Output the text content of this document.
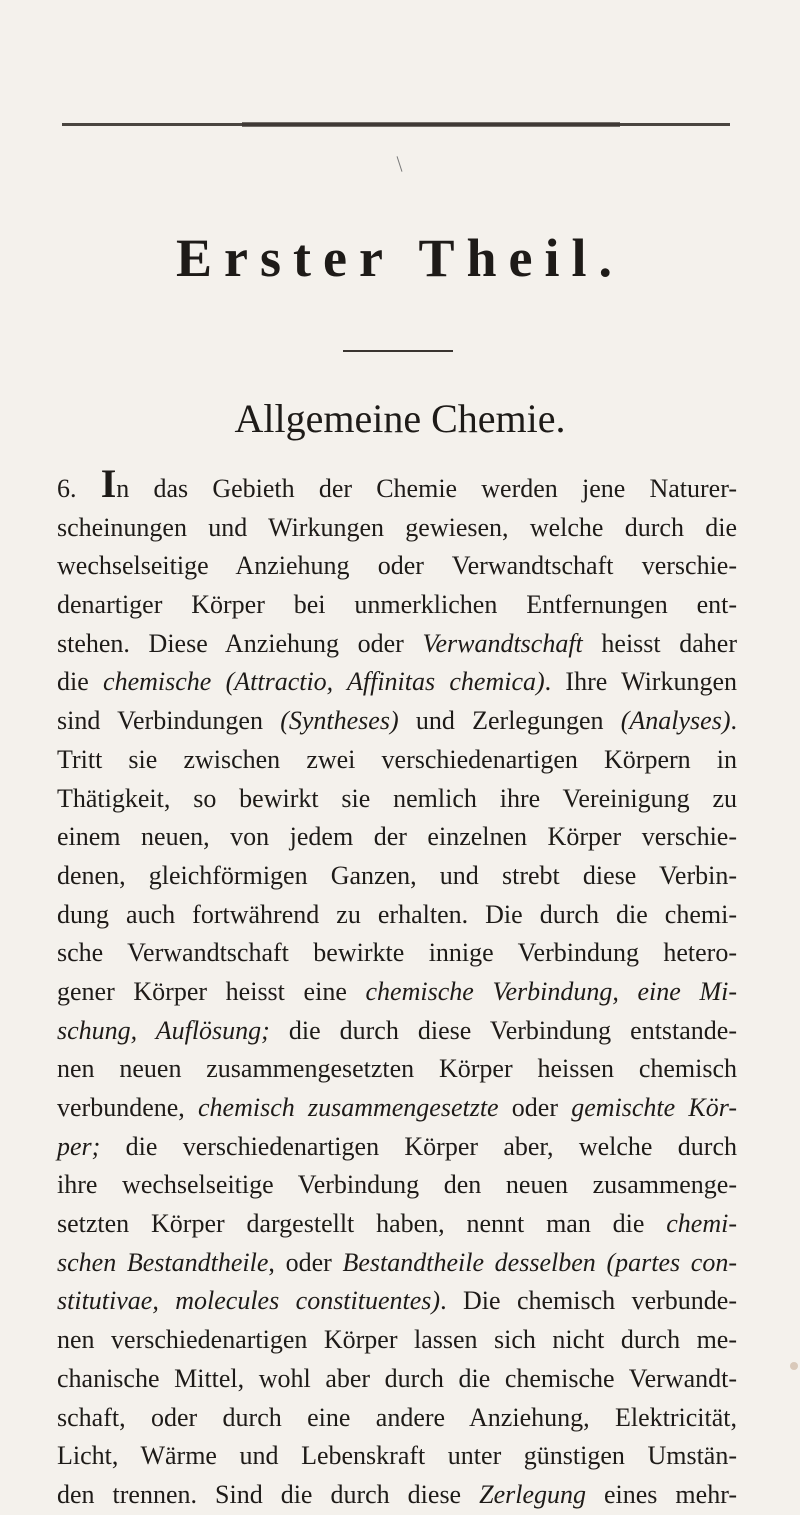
Erster Theil.
Allgemeine Chemie.
6. In das Gebieth der Chemie werden jene Naturer-
scheinungen und Wirkungen gewiesen, welche durch die
wechselseitige Anziehung oder Verwandtschaft verschie-
denartiger Körper bei unmerklichen Entfernungen ent-
stehen. Diese Anziehung oder Verwandtschaft heisst daher
die chemische (Attractio, Affinitas chemica). Ihre Wirkungen
sind Verbindungen (Syntheses) und Zerlegungen (Analyses).
Tritt sie zwischen zwei verschiedenartigen Körpern in
Thätigkeit, so bewirkt sie nemlich ihre Vereinigung zu
einem neuen, von jedem der einzelnen Körper verschie-
denen, gleichförmigen Ganzen, und strebt diese Verbin-
dung auch fortwährend zu erhalten. Die durch die chemi-
sche Verwandtschaft bewirkte innige Verbindung hetero-
gener Körper heisst eine chemische Verbindung, eine Mi-
schung, Auflösung; die durch diese Verbindung entstande-
nen neuen zusammengesetzten Körper heissen chemisch
verbundene, chemisch zusammengesetzte oder gemischte Kör-
per; die verschiedenartigen Körper aber, welche durch
ihre wechselseitige Verbindung den neuen zusammenge-
setzten Körper dargestellt haben, nennt man die chemi-
schen Bestandtheile, oder Bestandtheile desselben (partes con-
stitutivae, molecules constituentes). Die chemisch verbunde-
nen verschiedenartigen Körper lassen sich nicht durch me-
chanische Mittel, wohl aber durch die chemische Verwandt-
schaft, oder durch eine andere Anziehung, Elektricität,
Licht, Wärme und Lebenskraft unter günstigen Umstän-
den trennen. Sind die durch diese Zerlegung eines mehr-
